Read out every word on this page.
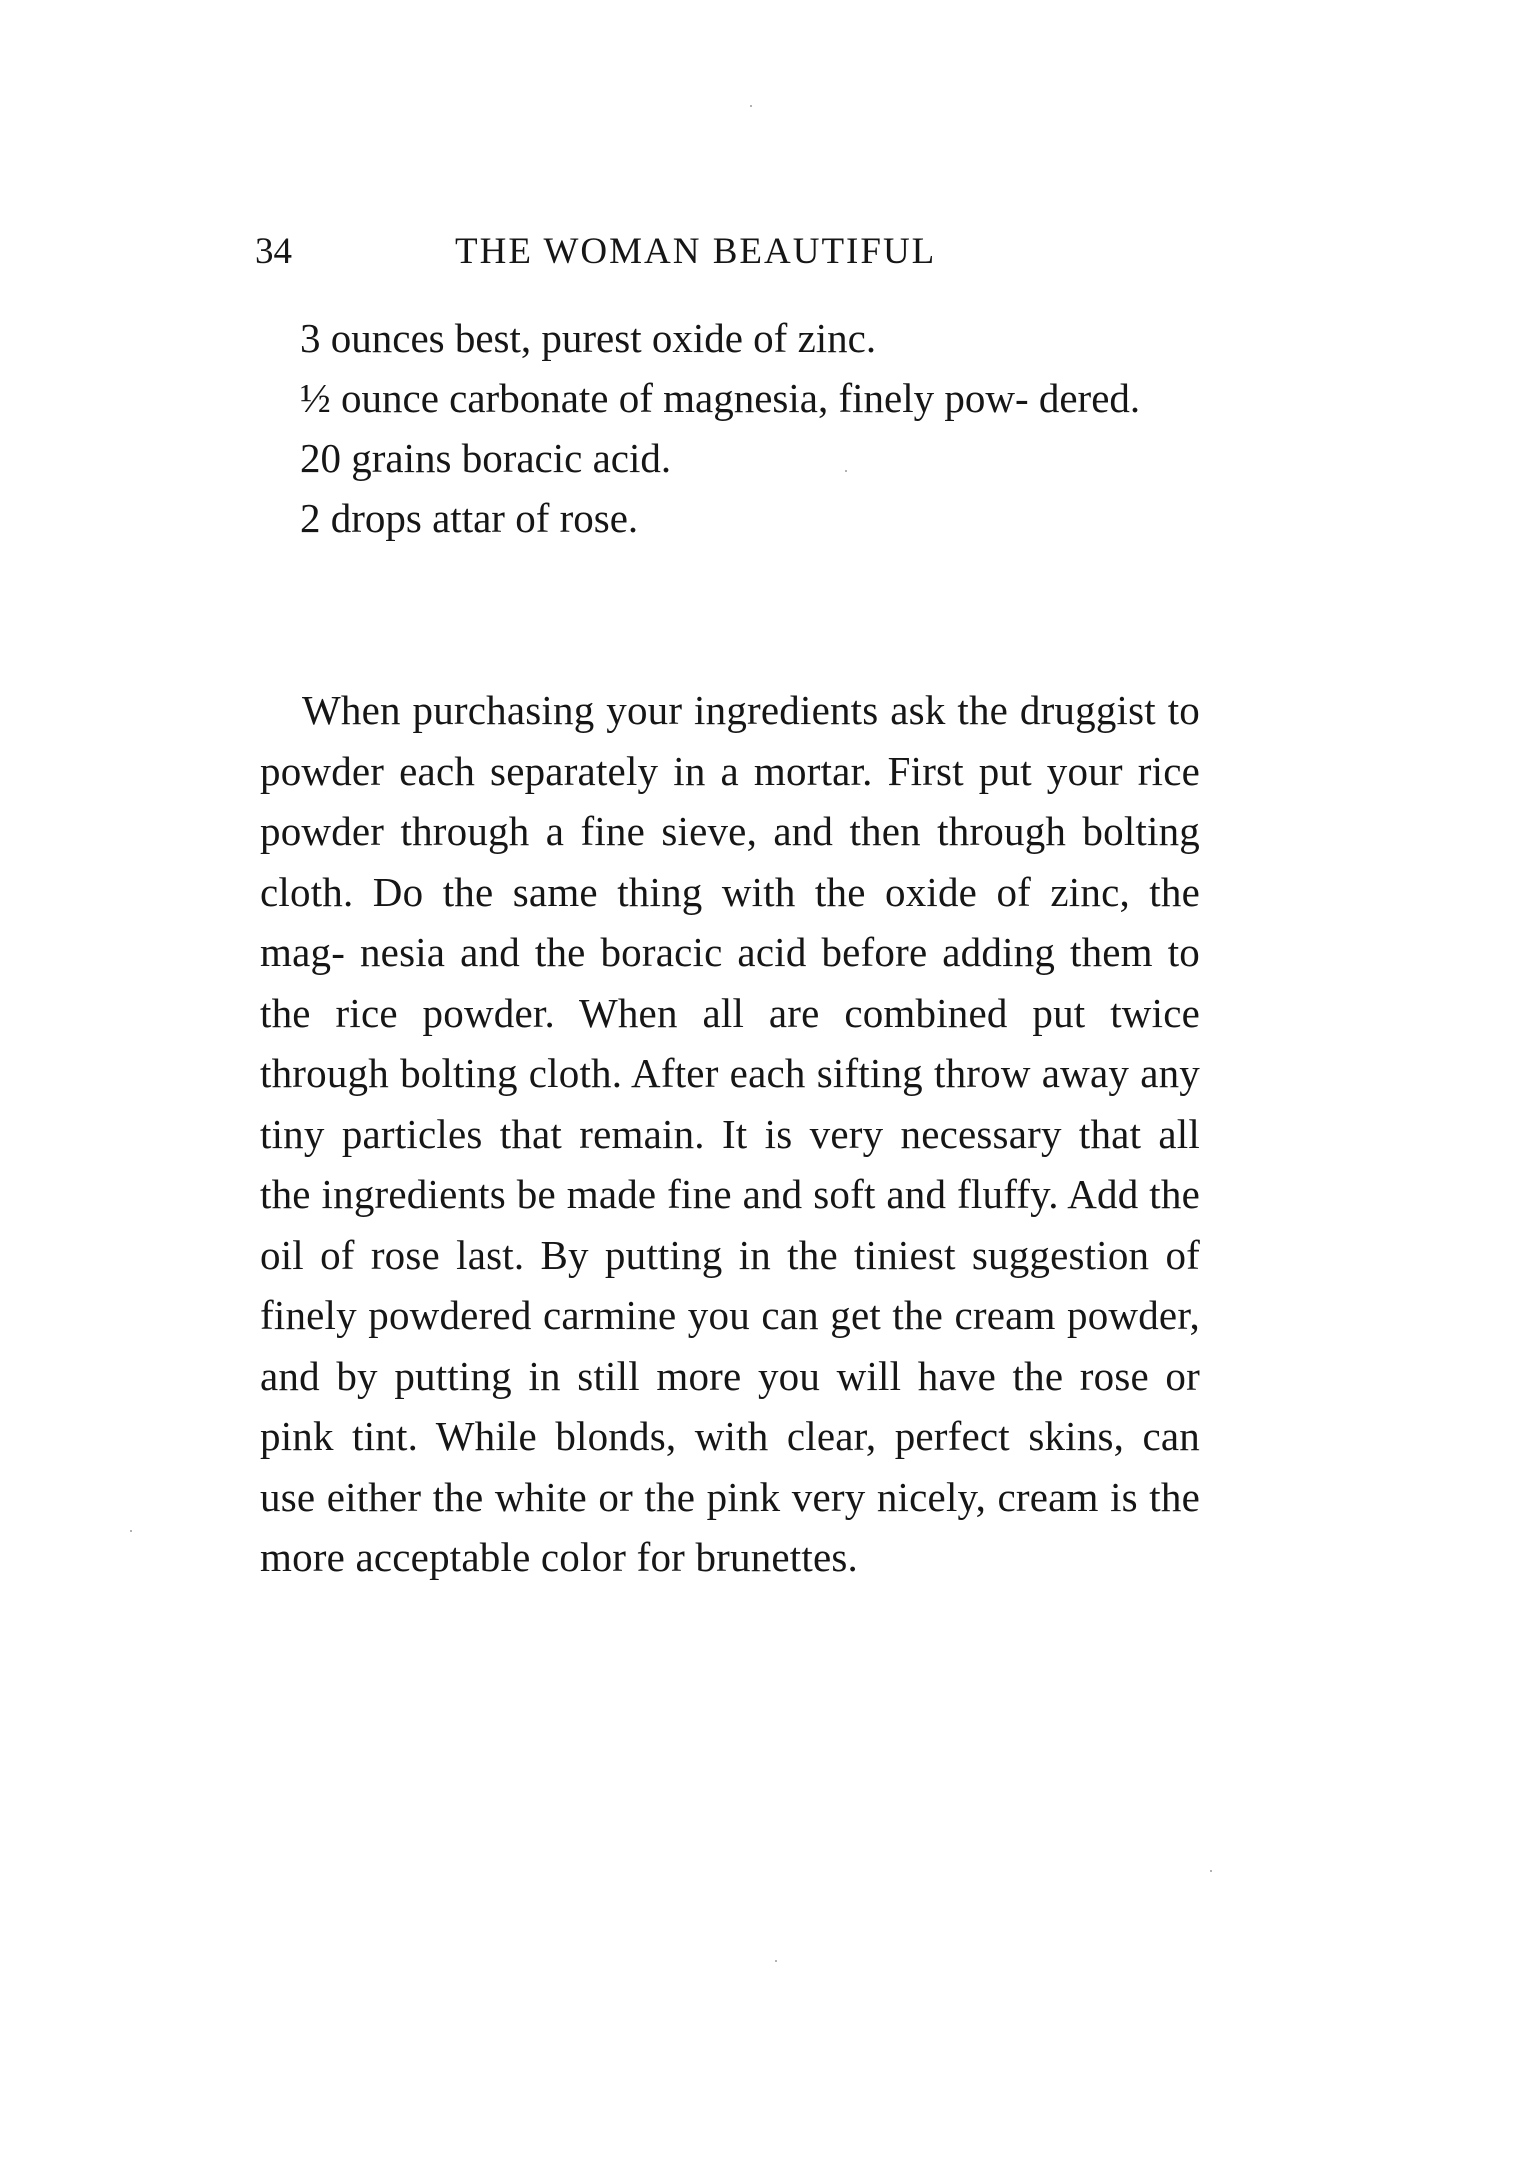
34	THE WOMAN BEAUTIFUL
3 ounces best, purest oxide of zinc.
½ ounce carbonate of magnesia, finely pow- dered.
20 grains boracic acid.
2 drops attar of rose.

When purchasing your ingredients ask the druggist to powder each separately in a mortar. First put your rice powder through a fine sieve, and then through bolting cloth. Do the same thing with the oxide of zinc, the mag- nesia and the boracic acid before adding them to the rice powder. When all are combined put twice through bolting cloth. After each sifting throw away any tiny particles that remain. It is very necessary that all the ingredients be made fine and soft and fluffy. Add the oil of rose last. By putting in the tiniest suggestion of finely powdered carmine you can get the cream powder, and by putting in still more you will have the rose or pink tint. While blonds, with clear, perfect skins, can use either the white or the pink very nicely, cream is the more acceptable color for brunettes.
